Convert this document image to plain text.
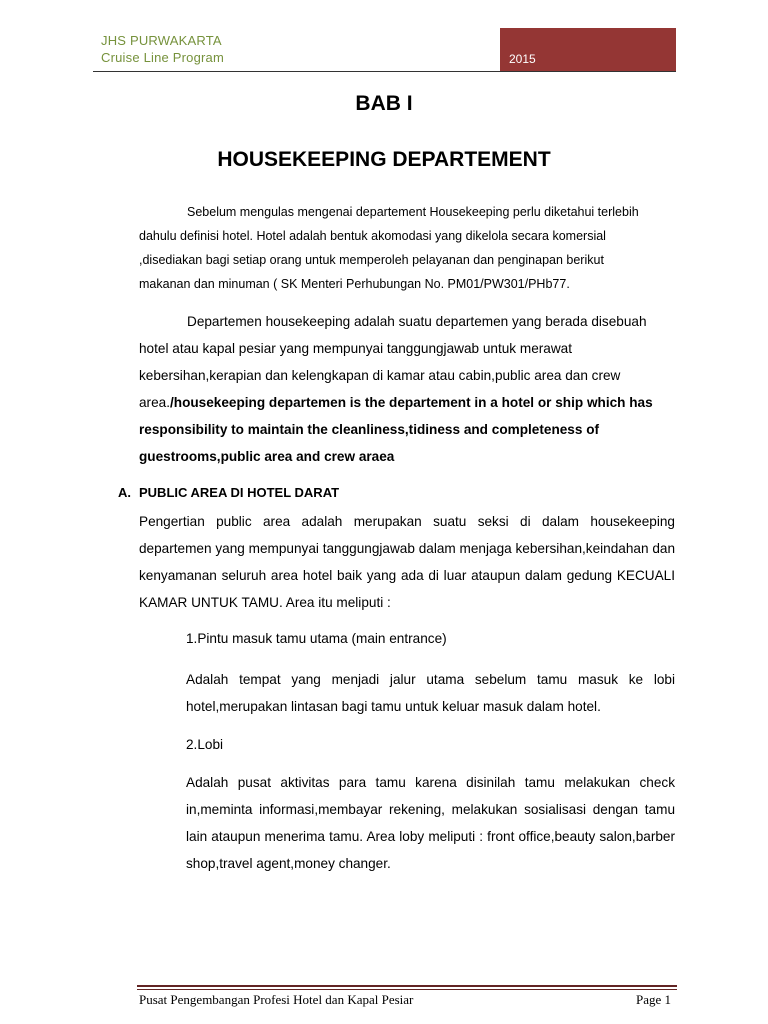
JHS PURWAKARTA
Cruise Line Program	2015
BAB I
HOUSEKEEPING DEPARTEMENT
Sebelum mengulas mengenai departement Housekeeping perlu diketahui terlebih
dahulu definisi hotel. Hotel adalah bentuk akomodasi yang dikelola secara komersial
,disediakan bagi setiap orang untuk memperoleh pelayanan dan penginapan berikut
makanan dan minuman ( SK Menteri Perhubungan No. PM01/PW301/PHb77.

Departemen housekeeping adalah suatu departemen yang berada disebuah hotel atau kapal pesiar yang mempunyai tanggungjawab untuk merawat kebersihan,kerapian dan kelengkapan di kamar atau cabin,public area dan crew area./housekeeping departemen is the departement in a hotel or ship which has responsibility to maintain the cleanliness,tidiness and completeness of guestrooms,public area and crew araea

A. PUBLIC AREA DI HOTEL DARAT

Pengertian public area adalah merupakan suatu seksi di dalam housekeeping departemen yang mempunyai tanggungjawab dalam menjaga kebersihan,keindahan dan kenyamanan seluruh area hotel baik yang ada di luar ataupun dalam gedung KECUALI KAMAR UNTUK TAMU. Area itu meliputi :

1.Pintu masuk tamu utama (main entrance)

Adalah tempat yang menjadi jalur utama sebelum tamu masuk ke lobi hotel,merupakan lintasan bagi tamu untuk keluar masuk dalam hotel.

2.Lobi

Adalah pusat aktivitas para tamu karena disinilah tamu melakukan check in,meminta informasi,membayar rekening, melakukan sosialisasi dengan tamu lain ataupun menerima tamu. Area loby meliputi : front office,beauty salon,barber shop,travel agent,money changer.

Pusat Pengembangan Profesi Hotel dan Kapal Pesiar	Page 1
